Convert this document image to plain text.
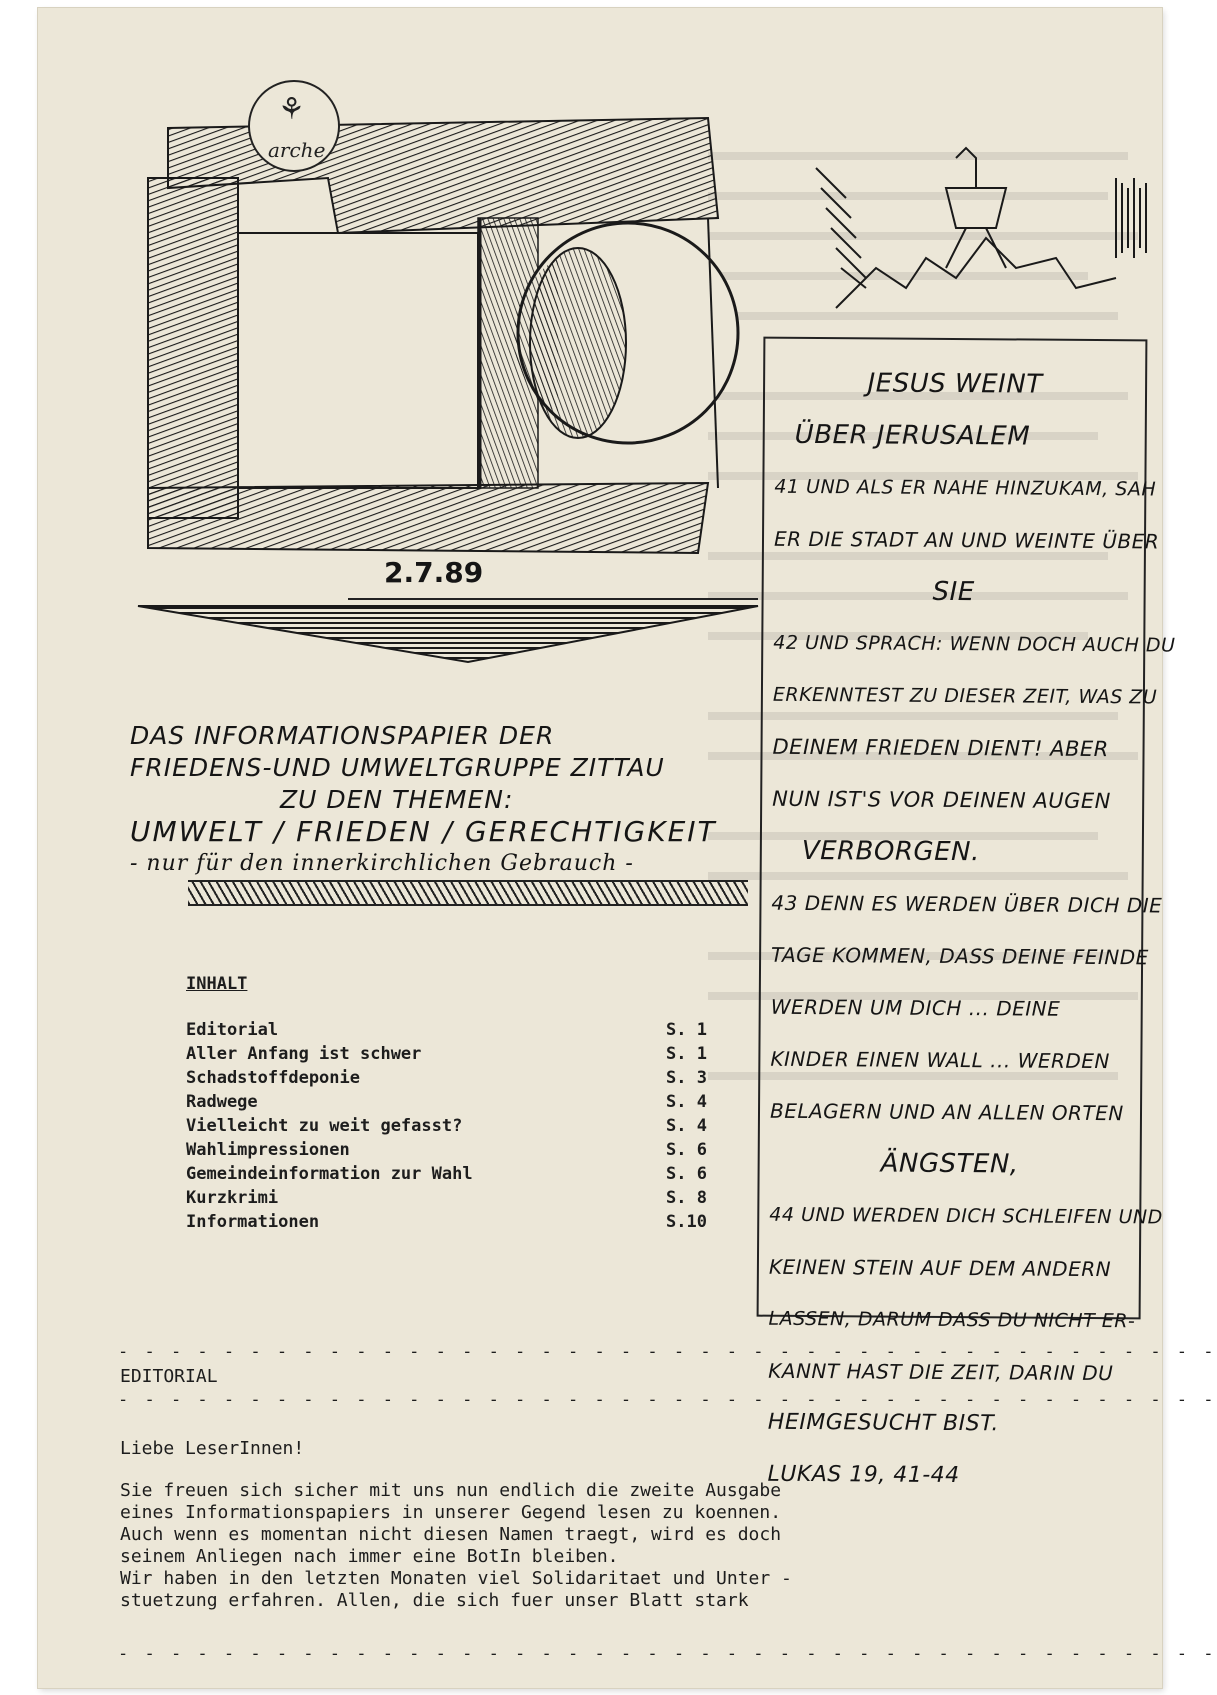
⚘
arche
2.7.89
DAS INFORMATIONSPAPIER DER
FRIEDENS-UND UMWELTGRUPPE ZITTAU
ZU DEN THEMEN:
UMWELT / FRIEDEN / GERECHTIGKEIT
- nur für den innerkirchlichen Gebrauch -
INHALT
Editorial	S. 1
Aller Anfang ist schwer	S. 1
Schadstoffdeponie	S. 3
Radwege	S. 4
Vielleicht zu weit gefasst?	S. 4
Wahlimpressionen	S. 6
Gemeindeinformation zur Wahl	S. 6
Kurzkrimi	S. 8
Informationen	S.10
JESUS WEINT
ÜBER JERUSALEM
41 UND ALS ER NAHE HINZUKAM, SAH
ER DIE STADT AN UND WEINTE ÜBER
SIE
42 UND SPRACH: WENN DOCH AUCH DU
ERKENNTEST ZU DIESER ZEIT, WAS ZU
DEINEM FRIEDEN DIENT! ABER
NUN IST'S VOR DEINEN AUGEN
VERBORGEN.
43 DENN ES WERDEN ÜBER DICH DIE
TAGE KOMMEN, DASS DEINE FEINDE
WERDEN UM DICH ... DEINE
KINDER EINEN WALL ... WERDEN
BELAGERN UND AN ALLEN ORTEN
ÄNGSTEN,
44 UND WERDEN DICH SCHLEIFEN UND
KEINEN STEIN AUF DEM ANDERN
LASSEN, DARUM DASS DU NICHT ER-
KANNT HAST DIE ZEIT, DARIN DU
HEIMGESUCHT BIST.
LUKAS 19, 41-44
- - - - - - - - - - - - - - - - - - - - - - - - - - - - - - - - - - - - - - - - - -
EDITORIAL
- - - - - - - - - - - - - - - - - - - - - - - - - - - - - - - - - - - - - - - - - -
Liebe LeserInnen!
Sie freuen sich sicher mit uns nun endlich die zweite Ausgabe
eines Informationspapiers in unserer Gegend lesen zu koennen.
Auch wenn es momentan nicht diesen Namen traegt, wird es doch
seinem Anliegen nach immer eine BotIn bleiben.
Wir haben in den letzten Monaten viel Solidaritaet und Unter -
stuetzung erfahren. Allen, die sich fuer unser Blatt stark
- - - - - - - - - - - - - - - - - - - - - - - - - - - - - - - - - - - - - - - - - -
